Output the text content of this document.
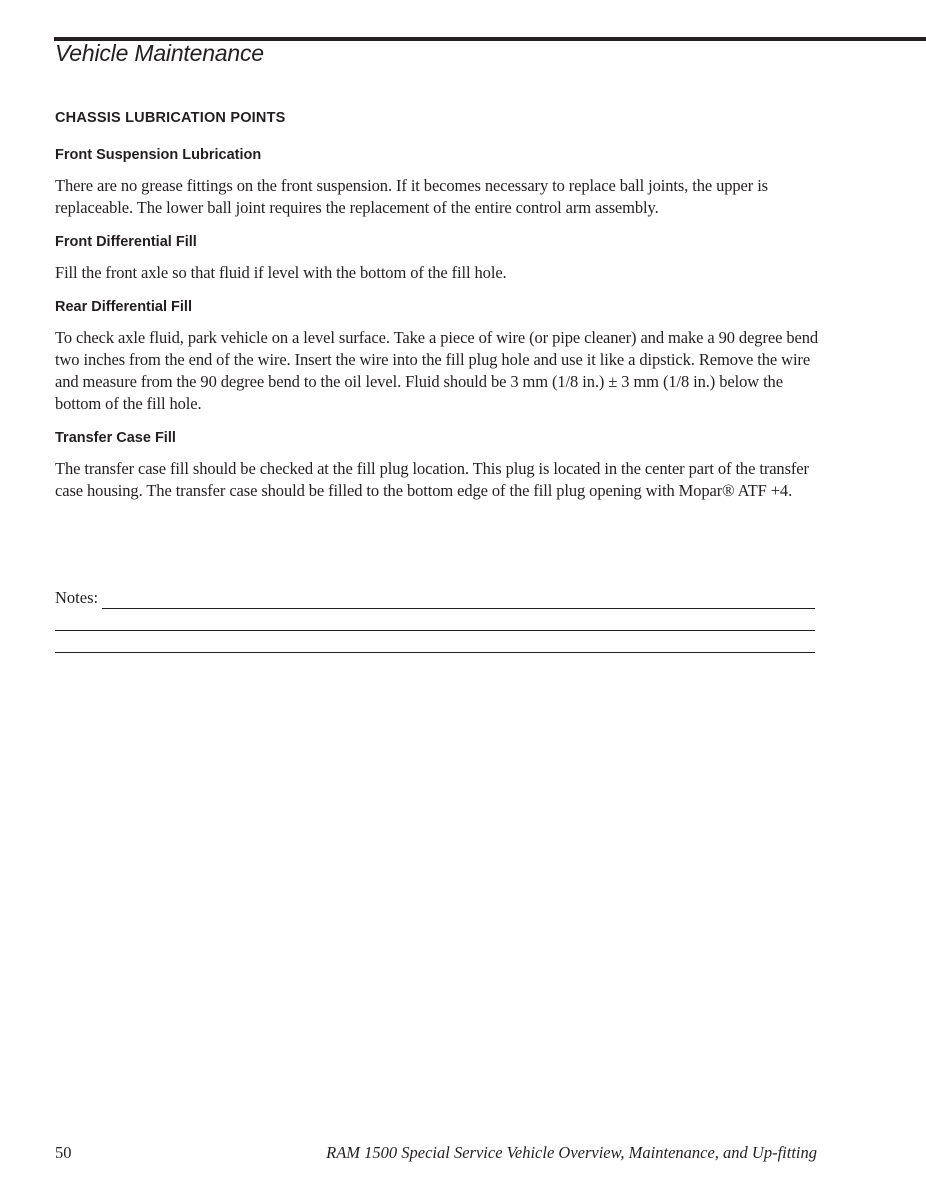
Vehicle Maintenance
CHASSIS LUBRICATION POINTS
Front Suspension Lubrication

There are no grease fittings on the front suspension. If it becomes necessary to replace ball joints, the upper is replaceable. The lower ball joint requires the replacement of the entire control arm assembly.

Front Differential Fill

Fill the front axle so that fluid if level with the bottom of the fill hole.

Rear Differential Fill

To check axle fluid, park vehicle on a level surface. Take a piece of wire (or pipe cleaner) and make a 90 degree bend two inches from the end of the wire. Insert the wire into the fill plug hole and use it like a dipstick. Remove the wire and measure from the 90 degree bend to the oil level. Fluid should be 3 mm (1/8 in.) ± 3 mm (1/8 in.) below the bottom of the fill hole.

Transfer Case Fill

The transfer case fill should be checked at the fill plug location. This plug is located in the center part of the transfer case housing. The transfer case should be filled to the bottom edge of the fill plug opening with Mopar® ATF +4.

Notes:
50	RAM 1500 Special Service Vehicle Overview, Maintenance, and Up-fitting
